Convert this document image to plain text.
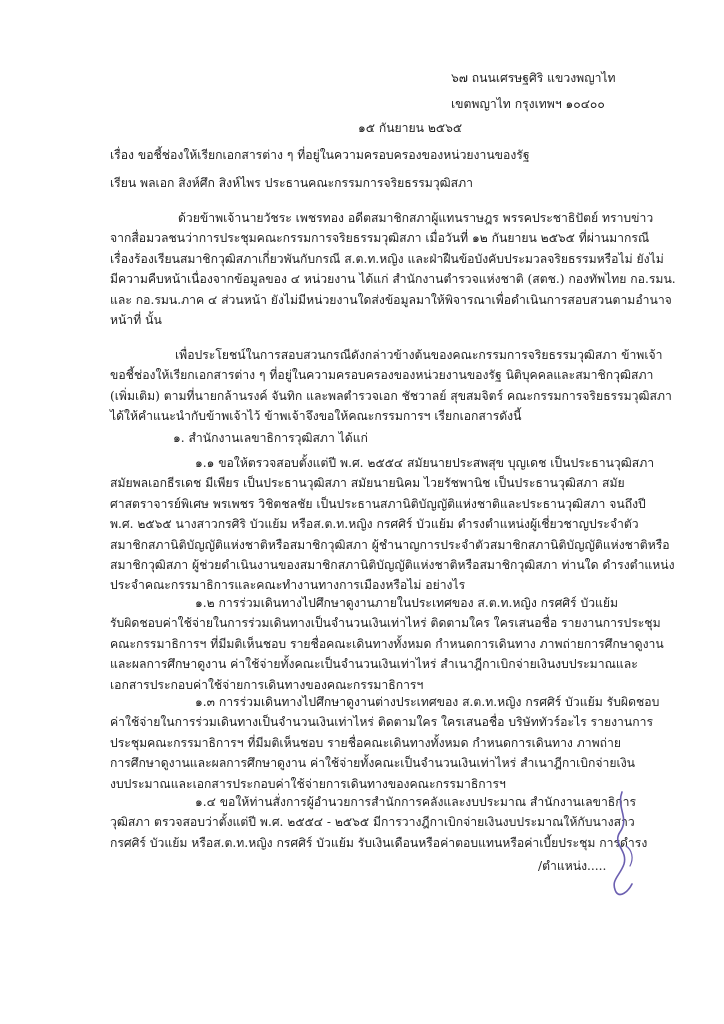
๖๗ ถนนเศรษฐศิริ แขวงพญาไท
เขตพญาไท กรุงเทพฯ ๑๐๔๐๐
๑๕ กันยายน ๒๕๖๕
เรื่อง ขอชี้ช่องให้เรียกเอกสารต่าง ๆ ที่อยู่ในความครอบครองของหน่วยงานของรัฐ
เรียน พลเอก สิงห์ศึก สิงห์ไพร ประธานคณะกรรมการจริยธรรมวุฒิสภา
ด้วยข้าพเจ้านายวัชระ เพชรทอง อดีตสมาชิกสภาผู้แทนราษฎร พรรคประชาธิปัตย์ ทราบข่าว
จากสื่อมวลชนว่าการประชุมคณะกรรมการจริยธรรมวุฒิสภา เมื่อวันที่ ๑๒ กันยายน ๒๕๖๕ ที่ผ่านมากรณี
เรื่องร้องเรียนสมาชิกวุฒิสภาเกี่ยวพันกับกรณี ส.ต.ท.หญิง และฝ่าฝืนข้อบังคับประมวลจริยธรรมหรือไม่ ยังไม่
มีความคืบหน้าเนื่องจากข้อมูลของ ๔ หน่วยงาน ได้แก่ สำนักงานตำรวจแห่งชาติ (สตช.) กองทัพไทย กอ.รมน.
และ กอ.รมน.ภาค ๔ ส่วนหน้า ยังไม่มีหน่วยงานใดส่งข้อมูลมาให้พิจารณาเพื่อดำเนินการสอบสวนตามอำนาจ
หน้าที่ นั้น
เพื่อประโยชน์ในการสอบสวนกรณีดังกล่าวข้างต้นของคณะกรรมการจริยธรรมวุฒิสภา ข้าพเจ้า
ขอชี้ช่องให้เรียกเอกสารต่าง ๆ ที่อยู่ในความครอบครองของหน่วยงานของรัฐ นิติบุคคลและสมาชิกวุฒิสภา
(เพิ่มเติม) ตามที่นายกล้านรงค์ จันทิก และพลตำรวจเอก ชัชวาลย์ สุขสมจิตร์ คณะกรรมการจริยธรรมวุฒิสภา
ได้ให้คำแนะนำกับข้าพเจ้าไว้ ข้าพเจ้าจึงขอให้คณะกรรมการฯ เรียกเอกสารดังนี้
๑. สำนักงานเลขาธิการวุฒิสภา ได้แก่
๑.๑ ขอให้ตรวจสอบตั้งแต่ปี พ.ศ. ๒๕๕๔ สมัยนายประสพสุข บุญเดช เป็นประธานวุฒิสภา
สมัยพลเอกธีรเดช มีเพียร เป็นประธานวุฒิสภา สมัยนายนิคม ไวยรัชพานิช เป็นประธานวุฒิสภา สมัย
ศาสตราจารย์พิเศษ พรเพชร วิชิตชลชัย เป็นประธานสภานิติบัญญัติแห่งชาติและประธานวุฒิสภา จนถึงปี
พ.ศ. ๒๕๖๕ นางสาวกรศิริ บัวแย้ม หรือส.ต.ท.หญิง กรศศิร์ บัวแย้ม ดำรงตำแหน่งผู้เชี่ยวชาญประจำตัว
สมาชิกสภานิติบัญญัติแห่งชาติหรือสมาชิกวุฒิสภา ผู้ชำนาญการประจำตัวสมาชิกสภานิติบัญญัติแห่งชาติหรือ
สมาชิกวุฒิสภา ผู้ช่วยดำเนินงานของสมาชิกสภานิติบัญญัติแห่งชาติหรือสมาชิกวุฒิสภา ท่านใด ดำรงตำแหน่ง
ประจำคณะกรรมาธิการและคณะทำงานทางการเมืองหรือไม่ อย่างไร
๑.๒ การร่วมเดินทางไปศึกษาดูงานภายในประเทศของ ส.ต.ท.หญิง กรศศิร์ บัวแย้ม
รับผิดชอบค่าใช้จ่ายในการร่วมเดินทางเป็นจำนวนเงินเท่าไหร่ ติดตามใคร ใครเสนอชื่อ รายงานการประชุม
คณะกรรมาธิการฯ ที่มีมติเห็นชอบ รายชื่อคณะเดินทางทั้งหมด กำหนดการเดินทาง ภาพถ่ายการศึกษาดูงาน
และผลการศึกษาดูงาน ค่าใช้จ่ายทั้งคณะเป็นจำนวนเงินเท่าไหร่ สำเนาฎีกาเบิกจ่ายเงินงบประมาณและ
เอกสารประกอบค่าใช้จ่ายการเดินทางของคณะกรรมาธิการฯ
๑.๓ การร่วมเดินทางไปศึกษาดูงานต่างประเทศของ ส.ต.ท.หญิง กรศศิร์ บัวแย้ม รับผิดชอบ
ค่าใช้จ่ายในการร่วมเดินทางเป็นจำนวนเงินเท่าไหร่ ติดตามใคร ใครเสนอชื่อ บริษัททัวร์อะไร รายงานการ
ประชุมคณะกรรมาธิการฯ ที่มีมติเห็นชอบ รายชื่อคณะเดินทางทั้งหมด กำหนดการเดินทาง ภาพถ่าย
การศึกษาดูงานและผลการศึกษาดูงาน ค่าใช้จ่ายทั้งคณะเป็นจำนวนเงินเท่าไหร่ สำเนาฎีกาเบิกจ่ายเงิน
งบประมาณและเอกสารประกอบค่าใช้จ่ายการเดินทางของคณะกรรมาธิการฯ
๑.๔ ขอให้ท่านสั่งการผู้อำนวยการสำนักการคลังและงบประมาณ สำนักงานเลขาธิการ
วุฒิสภา ตรวจสอบว่าตั้งแต่ปี พ.ศ. ๒๕๕๔ - ๒๕๖๕ มีการวางฎีกาเบิกจ่ายเงินงบประมาณให้กับนางสาว
กรศศิร์ บัวแย้ม หรือส.ต.ท.หญิง กรศศิร์ บัวแย้ม รับเงินเดือนหรือค่าตอบแทนหรือค่าเบี้ยประชุม การดำรง
/ตำแหน่ง.....
